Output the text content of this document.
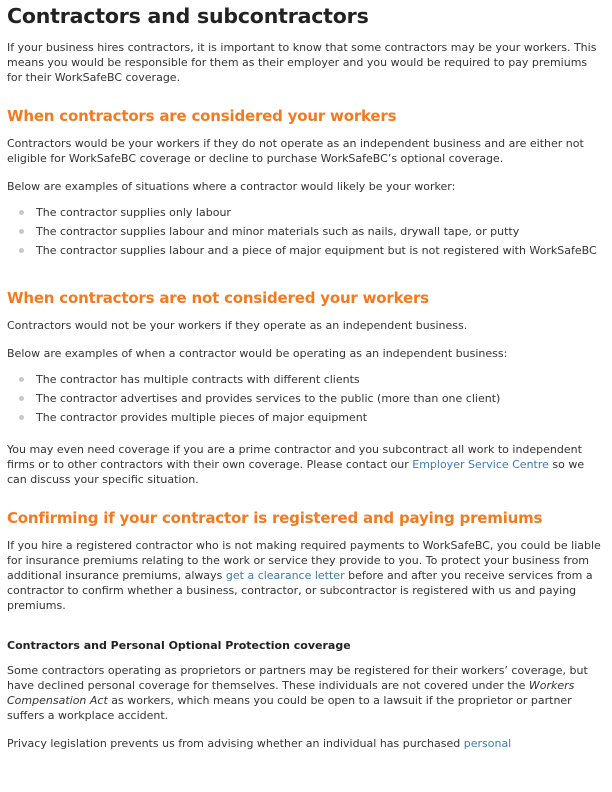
Contractors and subcontractors

If your business hires contractors, it is important to know that some contractors may be your workers. This means you would be responsible for them as their employer and you would be required to pay premiums for their WorkSafeBC coverage.

When contractors are considered your workers

Contractors would be your workers if they do not operate as an independent business and are either not eligible for WorkSafeBC coverage or decline to purchase WorkSafeBC’s optional coverage.

Below are examples of situations where a contractor would likely be your worker:

The contractor supplies only labour
The contractor supplies labour and minor materials such as nails, drywall tape, or putty
The contractor supplies labour and a piece of major equipment but is not registered with WorkSafeBC
When contractors are not considered your workers

Contractors would not be your workers if they operate as an independent business.

Below are examples of when a contractor would be operating as an independent business:

The contractor has multiple contracts with different clients
The contractor advertises and provides services to the public (more than one client)
The contractor provides multiple pieces of major equipment

You may even need coverage if you are a prime contractor and you subcontract all work to independent firms or to other contractors with their own coverage. Please contact our Employer Service Centre so we can discuss your specific situation.

Confirming if your contractor is registered and paying premiums

If you hire a registered contractor who is not making required payments to WorkSafeBC, you could be liable for insurance premiums relating to the work or service they provide to you. To protect your business from additional insurance premiums, always get a clearance letter before and after you receive services from a contractor to confirm whether a business, contractor, or subcontractor is registered with us and paying premiums.

Contractors and Personal Optional Protection coverage

Some contractors operating as proprietors or partners may be registered for their workers’ coverage, but have declined personal coverage for themselves. These individuals are not covered under the Workers Compensation Act as workers, which means you could be open to a lawsuit if the proprietor or partner suffers a workplace accident.

Privacy legislation prevents us from advising whether an individual has purchased personal
